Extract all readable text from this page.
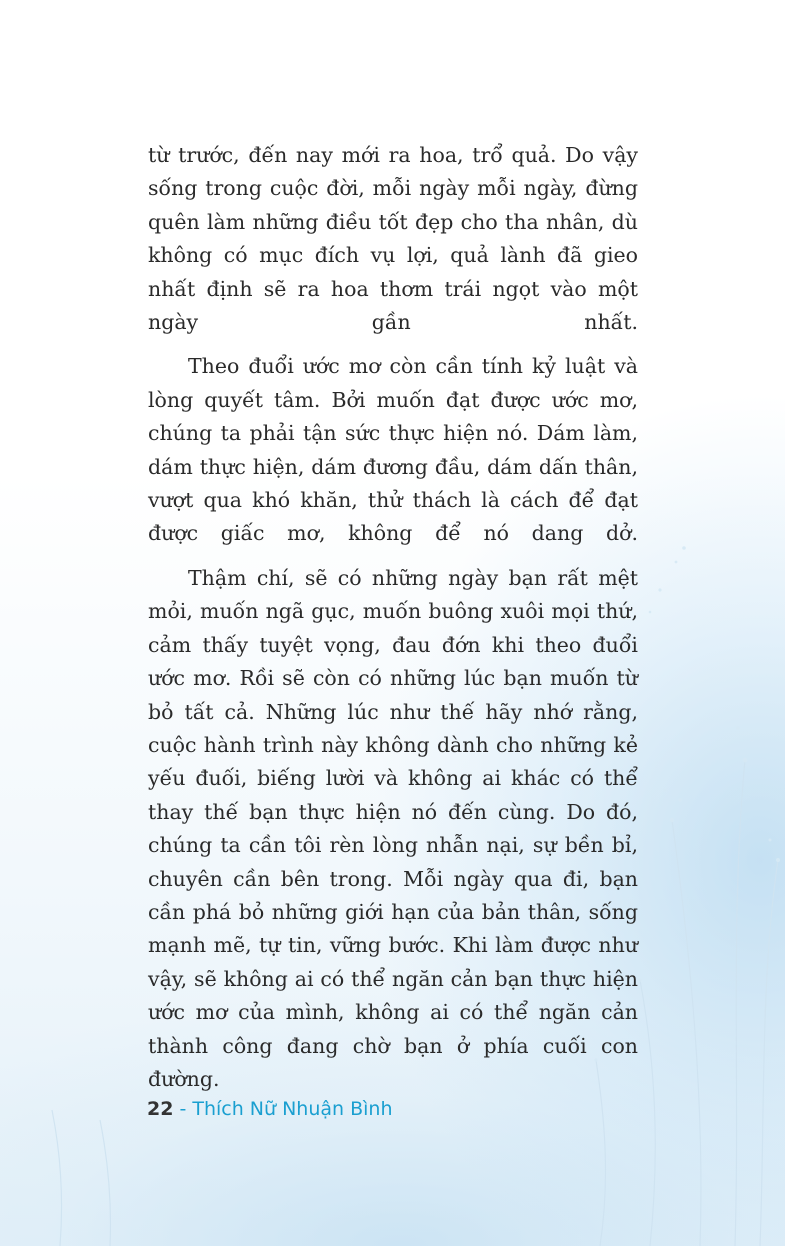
từ trước, đến nay mới ra hoa, trổ quả. Do vậy sống trong cuộc đời, mỗi ngày mỗi ngày, đừng quên làm những điều tốt đẹp cho tha nhân, dù không có mục đích vụ lợi, quả lành đã gieo nhất định sẽ ra hoa thơm trái ngọt vào một ngày gần nhất.

Theo đuổi ước mơ còn cần tính kỷ luật và lòng quyết tâm. Bởi muốn đạt được ước mơ, chúng ta phải tận sức thực hiện nó. Dám làm, dám thực hiện, dám đương đầu, dám dấn thân, vượt qua khó khăn, thử thách là cách để đạt được giấc mơ, không để nó dang dở.

Thậm chí, sẽ có những ngày bạn rất mệt mỏi, muốn ngã gục, muốn buông xuôi mọi thứ, cảm thấy tuyệt vọng, đau đớn khi theo đuổi ước mơ. Rồi sẽ còn có những lúc bạn muốn từ bỏ tất cả. Những lúc như thế hãy nhớ rằng, cuộc hành trình này không dành cho những kẻ yếu đuối, biếng lười và không ai khác có thể thay thế bạn thực hiện nó đến cùng. Do đó, chúng ta cần tôi rèn lòng nhẫn nại, sự bền bỉ, chuyên cần bên trong. Mỗi ngày qua đi, bạn cần phá bỏ những giới hạn của bản thân, sống mạnh mẽ, tự tin, vững bước. Khi làm được như vậy, sẽ không ai có thể ngăn cản bạn thực hiện ước mơ của mình, không ai có thể ngăn cản thành công đang chờ bạn ở phía cuối con đường.

22 - Thích Nữ Nhuận Bình
